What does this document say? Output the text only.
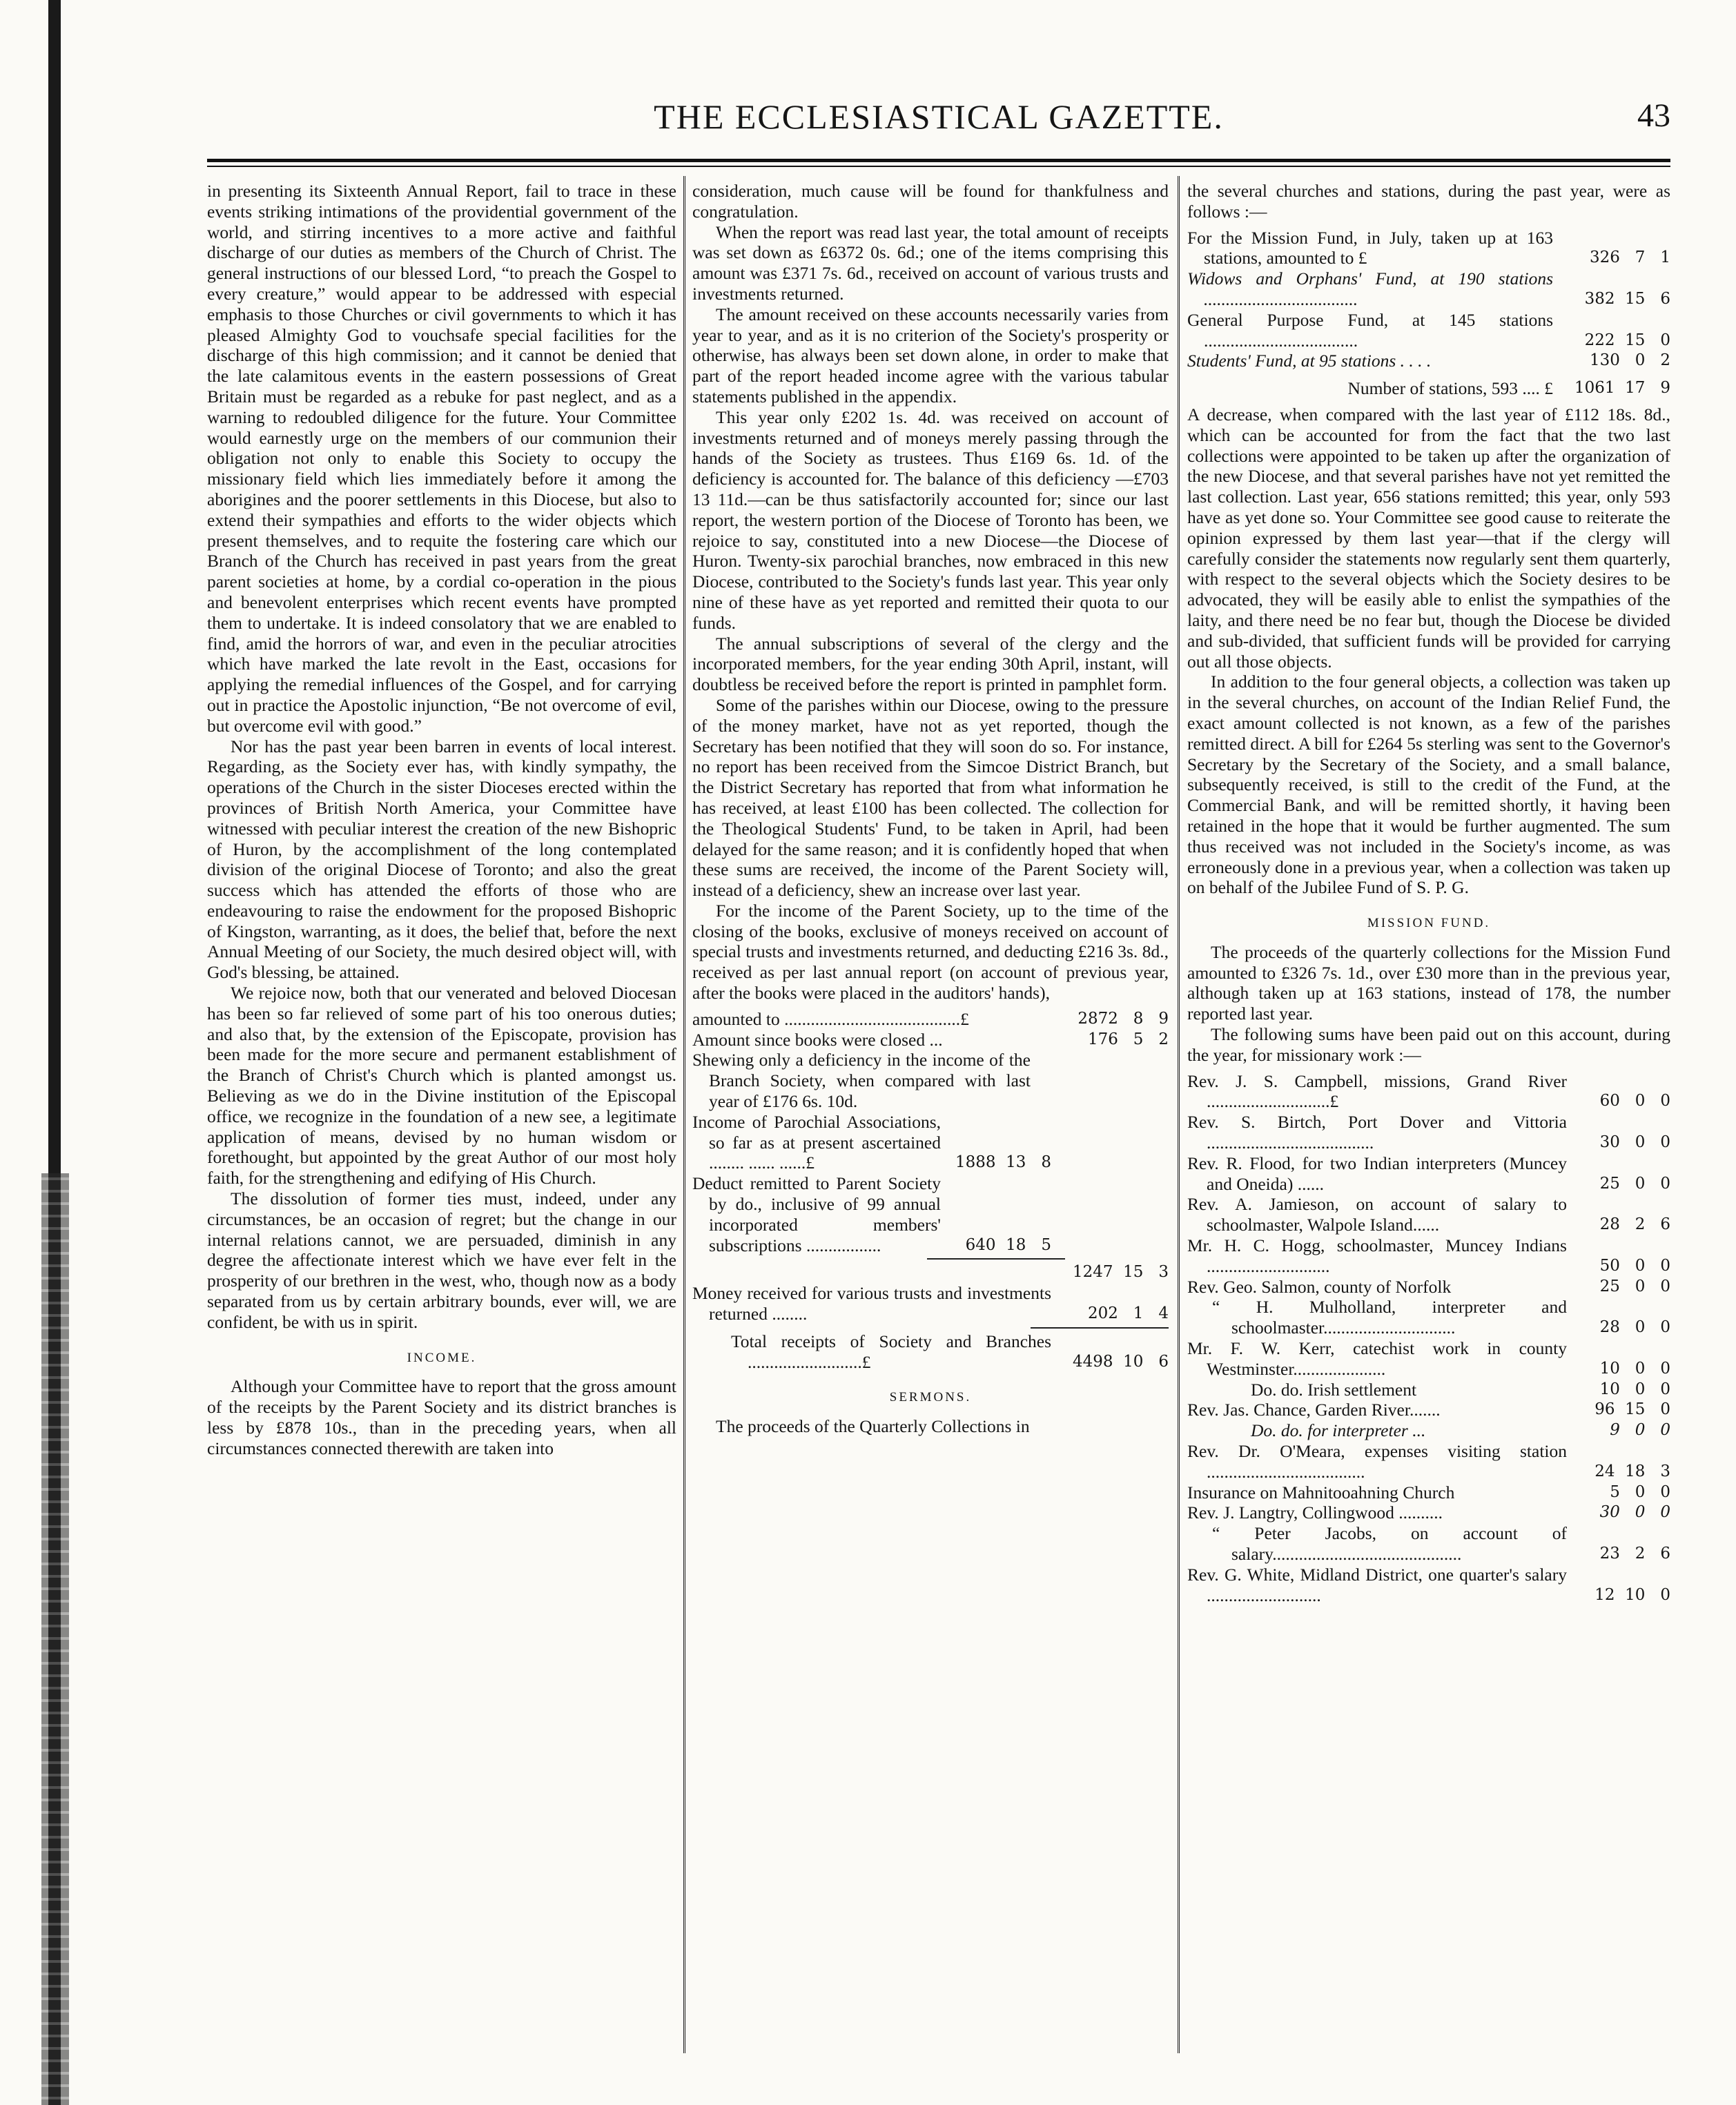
THE ECCLESIASTICAL GAZETTE.	43

in presenting its Sixteenth Annual Report, fail to trace in these events striking intimations of the providential government of the world, and stirring incentives to a more active and faithful discharge of our duties as members of the Church of Christ. The general instructions of our blessed Lord, “to preach the Gospel to every creature,” would appear to be addressed with especial emphasis to those Churches or civil governments to which it has pleased Almighty God to vouchsafe special facilities for the discharge of this high commission; and it cannot be denied that the late calamitous events in the eastern possessions of Great Britain must be regarded as a rebuke for past neglect, and as a warning to redoubled diligence for the future. Your Committee would earnestly urge on the members of our communion their obligation not only to enable this Society to occupy the missionary field which lies immediately before it among the aborigines and the poorer settlements in this Diocese, but also to extend their sympathies and efforts to the wider objects which present themselves, and to requite the fostering care which our Branch of the Church has received in past years from the great parent societies at home, by a cordial co-operation in the pious and benevolent enterprises which recent events have prompted them to undertake. It is indeed consolatory that we are enabled to find, amid the horrors of war, and even in the peculiar atrocities which have marked the late revolt in the East, occasions for applying the remedial influences of the Gospel, and for carrying out in practice the Apostolic injunction, “Be not overcome of evil, but overcome evil with good.”

Nor has the past year been barren in events of local interest. Regarding, as the Society ever has, with kindly sympathy, the operations of the Church in the sister Dioceses erected within the provinces of British North America, your Committee have witnessed with peculiar interest the creation of the new Bishopric of Huron, by the accomplishment of the long contemplated division of the original Diocese of Toronto; and also the great success which has attended the efforts of those who are endeavouring to raise the endowment for the proposed Bishopric of Kingston, warranting, as it does, the belief that, before the next Annual Meeting of our Society, the much desired object will, with God's blessing, be attained.

We rejoice now, both that our venerated and beloved Diocesan has been so far relieved of some part of his too onerous duties; and also that, by the extension of the Episcopate, provision has been made for the more secure and permanent establishment of the Branch of Christ's Church which is planted amongst us. Believing as we do in the Divine institution of the Episcopal office, we recognize in the foundation of a new see, a legitimate application of means, devised by no human wisdom or forethought, but appointed by the great Author of our most holy faith, for the strengthening and edifying of His Church.

The dissolution of former ties must, indeed, under any circumstances, be an occasion of regret; but the change in our internal relations cannot, we are persuaded, diminish in any degree the affectionate interest which we have ever felt in the prosperity of our brethren in the west, who, though now as a body separated from us by certain arbitrary bounds, ever will, we are confident, be with us in spirit.

INCOME.

Although your Committee have to report that the gross amount of the receipts by the Parent Society and its district branches is less by £878 10s., than in the preceding years, when all circumstances connected therewith are taken into

consideration, much cause will be found for thankfulness and congratulation.

When the report was read last year, the total amount of receipts was set down as £6372 0s. 6d.; one of the items comprising this amount was £371 7s. 6d., received on account of various trusts and investments returned.

The amount received on these accounts necessarily varies from year to year, and as it is no criterion of the Society's prosperity or otherwise, has always been set down alone, in order to make that part of the report headed income agree with the various tabular statements published in the appendix.

This year only £202 1s. 4d. was received on account of investments returned and of moneys merely passing through the hands of the Society as trustees. Thus £169 6s. 1d. of the deficiency is accounted for. The balance of this deficiency —£703 13 11d.—can be thus satisfactorily accounted for; since our last report, the western portion of the Diocese of Toronto has been, we rejoice to say, constituted into a new Diocese—the Diocese of Huron. Twenty-six parochial branches, now embraced in this new Diocese, contributed to the Society's funds last year. This year only nine of these have as yet reported and remitted their quota to our funds.

The annual subscriptions of several of the clergy and the incorporated members, for the year ending 30th April, instant, will doubtless be received before the report is printed in pamphlet form.

Some of the parishes within our Diocese, owing to the pressure of the money market, have not as yet reported, though the Secretary has been notified that they will soon do so. For instance, no report has been received from the Simcoe District Branch, but the District Secretary has reported that from what information he has received, at least £100 has been collected. The collection for the Theological Students' Fund, to be taken in April, had been delayed for the same reason; and it is confidently hoped that when these sums are received, the income of the Parent Society will, instead of a deficiency, shew an increase over last year.

For the income of the Parent Society, up to the time of the closing of the books, exclusive of moneys received on account of special trusts and investments returned, and deducting £216 3s. 8d., received as per last annual report (on account of previous year, after the books were placed in the auditors' hands),

amounted to ........................................£	2872   8   9
Amount since books were closed ...	176   5   2
Shewing only a deficiency in the income of the Branch Society, when compared with last year of £176 6s. 10d.
Income of Parochial Associations, so far as at present ascertained ........ ...... ......£	1888  13   8
Deduct remitted to Parent Society by do., inclusive of 99 annual incorporated members' subscriptions .................	640  18   5
1247  15   3
Money received for various trusts and investments returned ........	202   1   4
Total receipts of Society and Branches ..........................£	4498  10   6
SERMONS.

The proceeds of the Quarterly Collections in

the several churches and stations, during the past year, were as follows :—

For the Mission Fund, in July, taken up at 163 stations, amounted to £	326   7   1
Widows and Orphans' Fund, at 190 stations ...................................	382  15   6
General Purpose Fund, at 145 stations ...................................	222  15   0
Students' Fund, at 95 stations . . . .	130   0   2
Number of stations, 593 .... £	1061  17   9

A decrease, when compared with the last year of £112 18s. 8d., which can be accounted for from the fact that the two last collections were appointed to be taken up after the organization of the new Diocese, and that several parishes have not yet remitted the last collection. Last year, 656 stations remitted; this year, only 593 have as yet done so. Your Committee see good cause to reiterate the opinion expressed by them last year—that if the clergy will carefully consider the statements now regularly sent them quarterly, with respect to the several objects which the Society desires to be advocated, they will be easily able to enlist the sympathies of the laity, and there need be no fear but, though the Diocese be divided and sub-divided, that sufficient funds will be provided for carrying out all those objects.

In addition to the four general objects, a collection was taken up in the several churches, on account of the Indian Relief Fund, the exact amount collected is not known, as a few of the parishes remitted direct. A bill for £264 5s sterling was sent to the Governor's Secretary by the Secretary of the Society, and a small balance, subsequently received, is still to the credit of the Fund, at the Commercial Bank, and will be remitted shortly, it having been retained in the hope that it would be further augmented. The sum thus received was not included in the Society's income, as was erroneously done in a previous year, when a collection was taken up on behalf of the Jubilee Fund of S. P. G.

MISSION FUND.

The proceeds of the quarterly collections for the Mission Fund amounted to £326 7s. 1d., over £30 more than in the previous year, although taken up at 163 stations, instead of 178, the number reported last year.

The following sums have been paid out on this account, during the year, for missionary work :—

Rev. J. S. Campbell, missions, Grand River ............................£	60   0   0
Rev. S. Birtch, Port Dover and Vittoria ......................................	30   0   0
Rev. R. Flood, for two Indian interpreters (Muncey and Oneida) ......	25   0   0
Rev. A. Jamieson, on account of salary to schoolmaster, Walpole Island......	28   2   6
Mr. H. C. Hogg, schoolmaster, Muncey Indians ............................	50   0   0
Rev. Geo. Salmon, county of Norfolk	25   0   0
“ H. Mulholland, interpreter and schoolmaster..............................	28   0   0
Mr. F. W. Kerr, catechist work in county Westminster.....................	10   0   0
Do. do. Irish settlement	10   0   0
Rev. Jas. Chance, Garden River.......	96  15   0
Do. do. for interpreter ...	9   0   0
Rev. Dr. O'Meara, expenses visiting station ....................................	24  18   3
Insurance on Mahnitooahning Church	5   0   0
Rev. J. Langtry, Collingwood ..........	30   0   0
“ Peter Jacobs, on account of salary...........................................	23   2   6
Rev. G. White, Midland District, one quarter's salary ..........................	12  10   0
